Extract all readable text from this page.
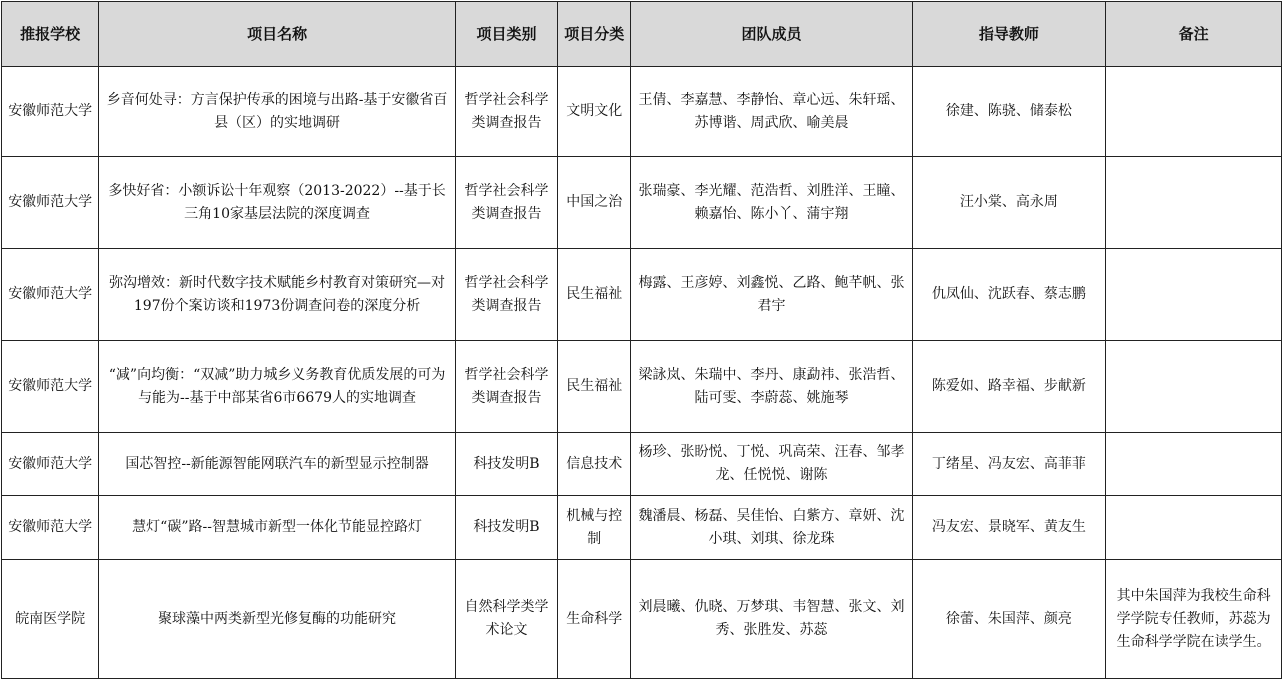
推报学校	项目名称	项目类别	项目分类	团队成员	指导教师	备注
安徽师范大学	乡音何处寻：方言保护传承的困境与出路-基于安徽省百县（区）的实地调研	哲学社会科学类调查报告	文明文化	王倩、李嘉慧、李静怡、章心远、朱轩瑶、苏博谐、周武欣、喻美晨	徐建、陈骁、储泰松	
安徽师范大学	多快好省：小额诉讼十年观察（2013-2022）--基于长三角10家基层法院的深度调查	哲学社会科学类调查报告	中国之治	张瑞豪、李光耀、范浩哲、刘胜洋、王瞳、赖嘉怡、陈小丫、蒲宇翔	汪小棠、高永周	
安徽师范大学	弥沟增效：新时代数字技术赋能乡村教育对策研究—对197份个案访谈和1973份调查问卷的深度分析	哲学社会科学类调查报告	民生福祉	梅露、王彦婷、刘鑫悦、乙路、鲍芊帆、张君宇	仇凤仙、沈跃春、蔡志鹏	
安徽师范大学	“减”向均衡：“双减”助力城乡义务教育优质发展的可为与能为--基于中部某省6市6679人的实地调查	哲学社会科学类调查报告	民生福祉	梁詠岚、朱瑞中、李丹、康勐祎、张浩哲、陆可雯、李蔚蕊、姚施琴	陈爱如、路幸福、步献新	
安徽师范大学	国芯智控--新能源智能网联汽车的新型显示控制器	科技发明B	信息技术	杨珍、张盼悦、丁悦、巩高荣、汪春、邹孝龙、任悦悦、谢陈	丁绪星、冯友宏、高菲菲	
安徽师范大学	慧灯“碳”路--智慧城市新型一体化节能显控路灯	科技发明B	机械与控制	魏潘晨、杨磊、吴佳怡、白紫方、章妍、沈小琪、刘琪、徐龙珠	冯友宏、景晓军、黄友生	
皖南医学院	聚球藻中两类新型光修复酶的功能研究	自然科学类学术论文	生命科学	刘晨曦、仇晓、万梦琪、韦智慧、张文、刘秀、张胜发、苏蕊	徐蕾、朱国萍、颜亮	其中朱国萍为我校生命科学学院专任教师，苏蕊为生命科学学院在读学生。
